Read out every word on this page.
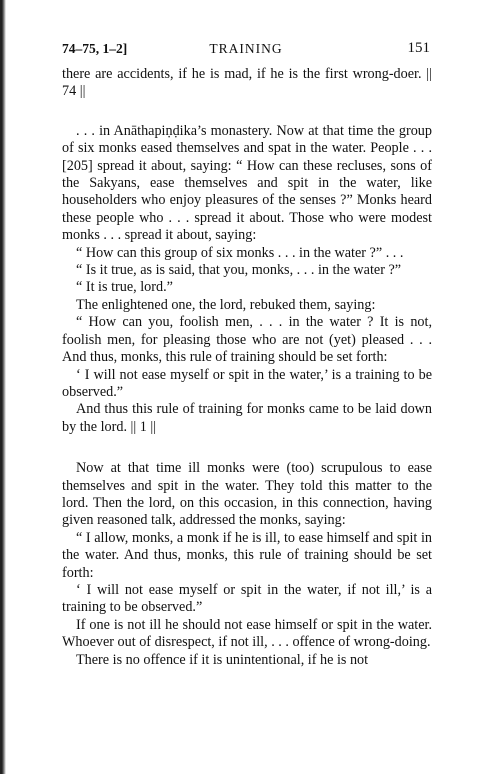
74–75, 1–2]	TRAINING	151

there are accidents, if he is mad, if he is the first wrong-doer. || 74 ||

. . . in Anāthapiṇḍika’s monastery. Now at that time the group of six monks eased themselves and spat in the water. People . . . [205] spread it about, saying: “ How can these recluses, sons of the Sakyans, ease themselves and spit in the water, like householders who enjoy pleasures of the senses ?” Monks heard these people who . . . spread it about. Those who were modest monks . . . spread it about, saying:

“ How can this group of six monks . . . in the water ?” . . .

“ Is it true, as is said, that you, monks, . . . in the water ?”

“ It is true, lord.”

The enlightened one, the lord, rebuked them, saying:

“ How can you, foolish men, . . . in the water ? It is not, foolish men, for pleasing those who are not (yet) pleased . . . And thus, monks, this rule of training should be set forth:

‘ I will not ease myself or spit in the water,’ is a training to be observed.”

And thus this rule of training for monks came to be laid down by the lord. || 1 ||

Now at that time ill monks were (too) scrupulous to ease themselves and spit in the water. They told this matter to the lord. Then the lord, on this occasion, in this connection, having given reasoned talk, addressed the monks, saying:

“ I allow, monks, a monk if he is ill, to ease himself and spit in the water. And thus, monks, this rule of training should be set forth:

‘ I will not ease myself or spit in the water, if not ill,’ is a training to be observed.”

If one is not ill he should not ease himself or spit in the water. Whoever out of disrespect, if not ill, . . . offence of wrong-doing.

There is no offence if it is unintentional, if he is not
